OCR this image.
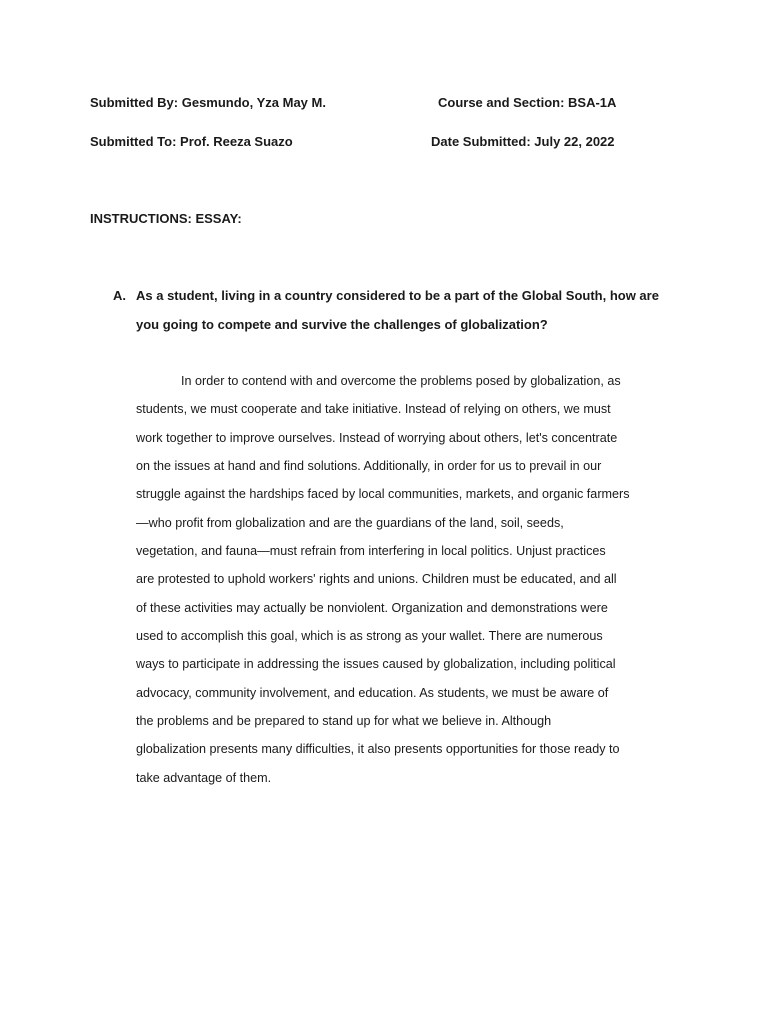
Submitted By: Gesmundo, Yza May M.	Course and Section: BSA-1A
Submitted To: Prof. Reeza Suazo	Date Submitted: July 22, 2022
INSTRUCTIONS: ESSAY:
A. As a student, living in a country considered to be a part of the Global South, how are
you going to compete and survive the challenges of globalization?

In order to contend with and overcome the problems posed by globalization, as
students, we must cooperate and take initiative. Instead of relying on others, we must
work together to improve ourselves. Instead of worrying about others, let's concentrate
on the issues at hand and find solutions. Additionally, in order for us to prevail in our
struggle against the hardships faced by local communities, markets, and organic farmers
—who profit from globalization and are the guardians of the land, soil, seeds,
vegetation, and fauna—must refrain from interfering in local politics. Unjust practices
are protested to uphold workers' rights and unions. Children must be educated, and all
of these activities may actually be nonviolent. Organization and demonstrations were
used to accomplish this goal, which is as strong as your wallet. There are numerous
ways to participate in addressing the issues caused by globalization, including political
advocacy, community involvement, and education. As students, we must be aware of
the problems and be prepared to stand up for what we believe in. Although
globalization presents many difficulties, it also presents opportunities for those ready to
take advantage of them.
